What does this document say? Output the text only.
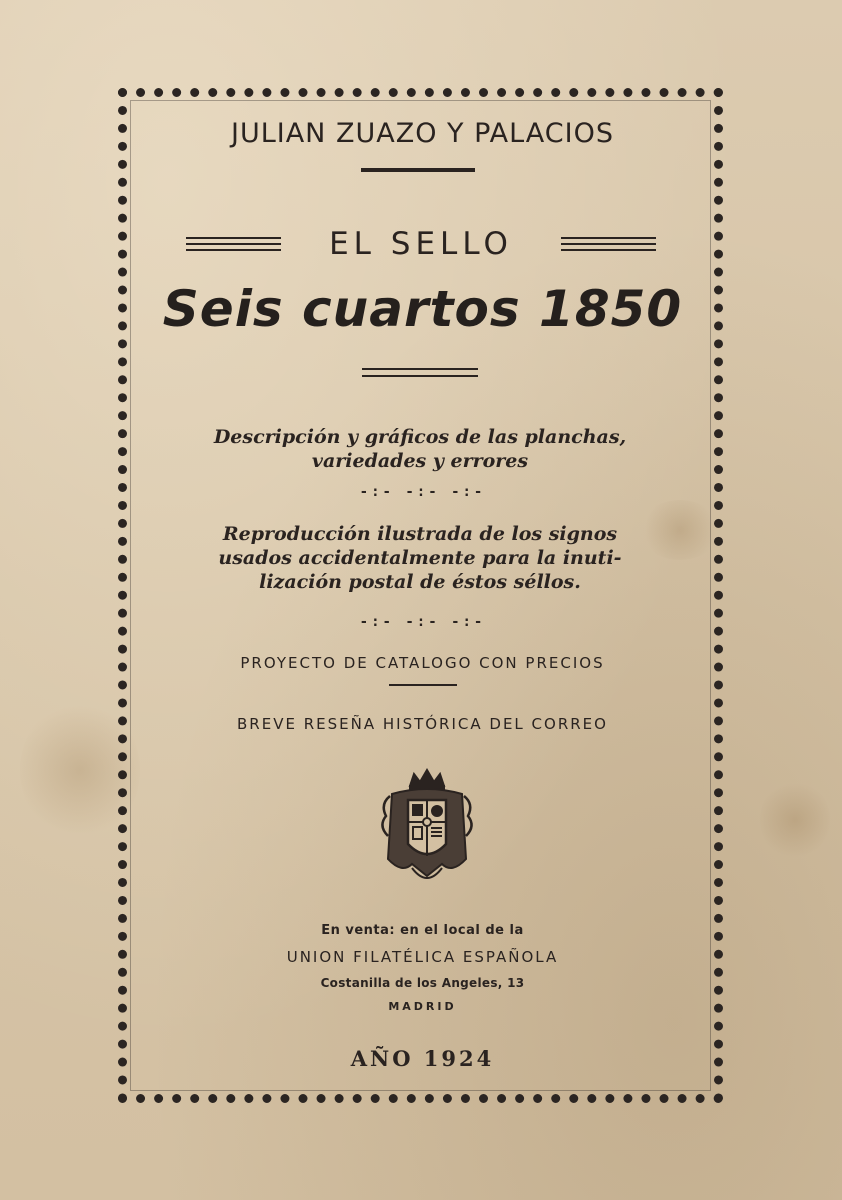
JULIAN ZUAZO Y PALACIOS
EL SELLO
Seis cuartos 1850
Descripción y gráficos de las planchas,
variedades y errores
-:- -:- -:-
Reproducción ilustrada de los signos
usados accidentalmente para la inuti-
lización postal de éstos séllos.
-:- -:- -:-
PROYECTO DE CATALOGO CON PRECIOS
BREVE RESEÑA HISTÓRICA DEL CORREO
En venta: en el local de la
UNION FILATÉLICA ESPAÑOLA
Costanilla de los Angeles, 13
MADRID
AÑO 1924
